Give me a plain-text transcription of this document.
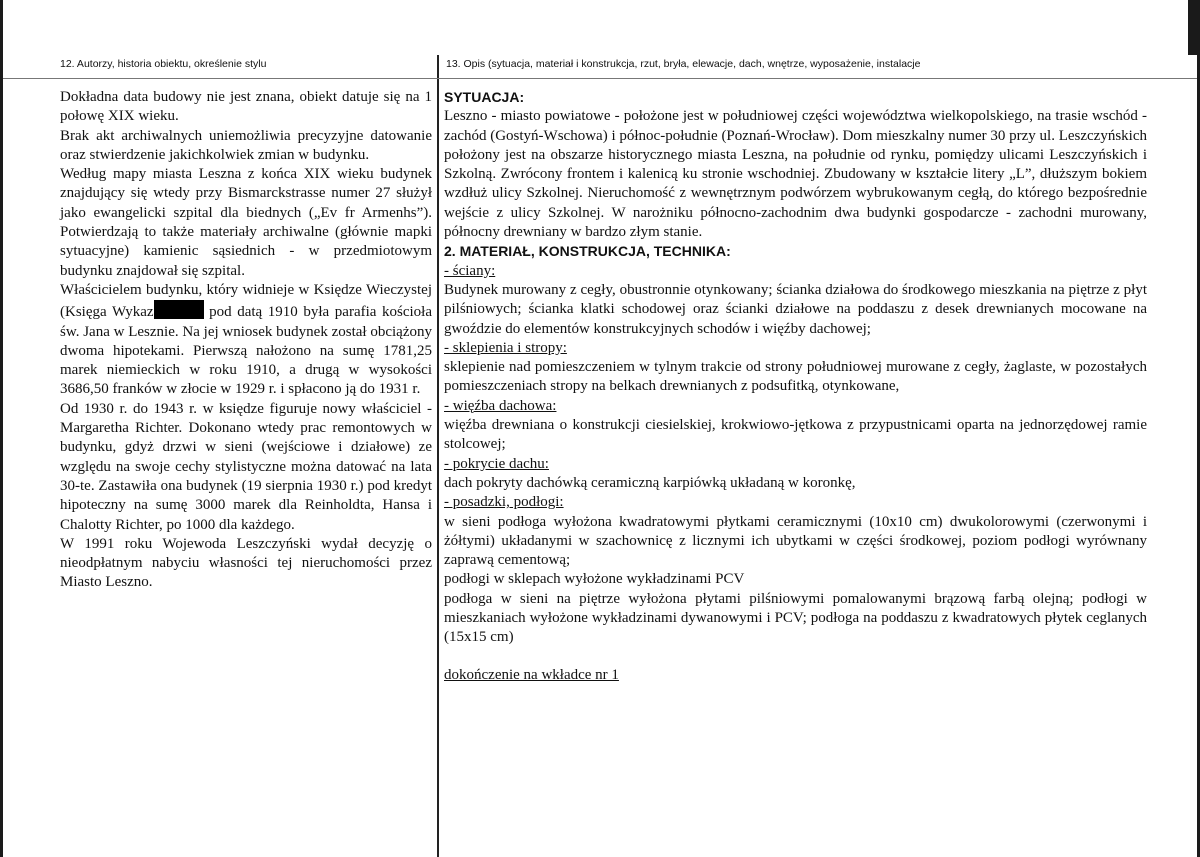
12. Autorzy, historia obiektu, określenie stylu	13. Opis (sytuacja, materiał i konstrukcja, rzut, bryła, elewacje, dach, wnętrze, wyposażenie, instalacje

Dokładna data budowy nie jest znana, obiekt datuje się na 1 połowę XIX wieku.

Brak akt archiwalnych uniemożliwia precyzyjne datowanie oraz stwierdzenie jakichkolwiek zmian w budynku.

Według mapy miasta Leszna z końca XIX wieku budynek znajdujący się wtedy przy Bismarckstrasse numer 27 służył jako ewangelicki szpital dla biednych („Ev fr Armenhs”). Potwierdzają to także materiały archiwalne (głównie mapki sytuacyjne) kamienic sąsiednich - w przedmiotowym budynku znajdował się szpital.

Właścicielem budynku, który widnieje w Księdze Wieczystej (Księga Wykaz	pod datą 1910 była parafia kościoła św. Jana w Lesznie. Na jej wniosek budynek został obciążony dwoma hipotekami. Pierwszą nałożono na sumę 1781,25 marek niemieckich w roku 1910, a drugą w wysokości 3686,50 franków w złocie w 1929 r. i spłacono ją do 1931 r.

Od 1930 r. do 1943 r. w księdze figuruje nowy właściciel - Margaretha Richter. Dokonano wtedy prac remontowych w budynku, gdyż drzwi w sieni (wejściowe i działowe) ze względu na swoje cechy stylistyczne można datować na lata 30-te. Zastawiła ona budynek (19 sierpnia 1930 r.) pod kredyt hipoteczny na sumę 3000 marek dla Reinholdta, Hansa i Chalotty Richter, po 1000 dla każdego.

W 1991 roku Wojewoda Leszczyński wydał decyzję o nieodpłatnym nabyciu własności tej nieruchomości przez Miasto Leszno.

SYTUACJA:

Leszno - miasto powiatowe - położone jest w południowej części województwa wielkopolskiego, na trasie wschód - zachód (Gostyń-Wschowa) i północ-południe (Poznań-Wrocław). Dom mieszkalny numer 30 przy ul. Leszczyńskich położony jest na obszarze historycznego miasta Leszna, na południe od rynku, pomiędzy ulicami Leszczyńskich i Szkolną. Zwrócony frontem i kalenicą ku stronie wschodniej. Zbudowany w kształcie litery „L”, dłuższym bokiem wzdłuż ulicy Szkolnej. Nieruchomość z wewnętrznym podwórzem wybrukowanym cegłą, do którego bezpośrednie wejście z ulicy Szkolnej. W narożniku północno-zachodnim dwa budynki gospodarcze - zachodni murowany, północny drewniany w bardzo złym stanie.

2. MATERIAŁ, KONSTRUKCJA, TECHNIKA:

- ściany:

Budynek murowany z cegły, obustronnie otynkowany; ścianka działowa do środkowego mieszkania na piętrze z płyt pilśniowych; ścianka klatki schodowej oraz ścianki działowe na poddaszu z desek drewnianych mocowane na gwoździe do elementów konstrukcyjnych schodów i więźby dachowej;

- sklepienia i stropy:

sklepienie nad pomieszczeniem w tylnym trakcie od strony południowej murowane z cegły, żaglaste, w pozostałych pomieszczeniach stropy na belkach drewnianych z podsufitką, otynkowane,

- więźba dachowa:

więźba drewniana o konstrukcji ciesielskiej, krokwiowo-jętkowa z przypustnicami oparta na jednorzędowej ramie stolcowej;

- pokrycie dachu:

dach pokryty dachówką ceramiczną karpiówką układaną w koronkę,

- posadzki, podłogi:

w sieni podłoga wyłożona kwadratowymi płytkami ceramicznymi (10x10 cm) dwukolorowymi (czerwonymi i żółtymi) układanymi w szachownicę z licznymi ich ubytkami w części środkowej, poziom podłogi wyrównany zaprawą cementową;

podłogi w sklepach wyłożone wykładzinami PCV

podłoga w sieni na piętrze wyłożona płytami pilśniowymi pomalowanymi brązową farbą olejną; podłogi w mieszkaniach wyłożone wykładzinami dywanowymi i PCV; podłoga na poddaszu z kwadratowych płytek ceglanych (15x15 cm)

dokończenie na wkładce nr 1
